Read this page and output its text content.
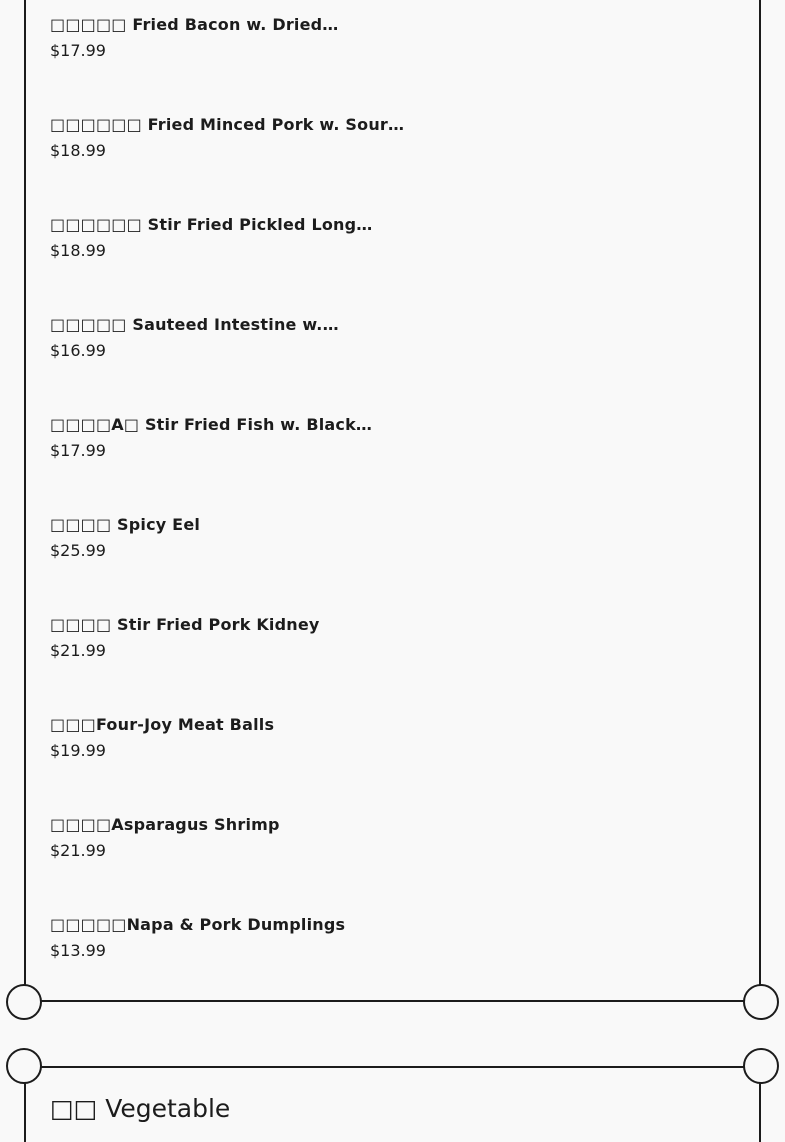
□□□□□ Fried Bacon w. Dried…

$17.99

□□□□□□ Fried Minced Pork w. Sour…

$18.99

□□□□□□ Stir Fried Pickled Long…

$18.99

□□□□□ Sauteed Intestine w.…

$16.99

□□□□A□ Stir Fried Fish w. Black…

$17.99

□□□□ Spicy Eel

$25.99

□□□□ Stir Fried Pork Kidney

$21.99

□□□Four-Joy Meat Balls

$19.99

□□□□Asparagus Shrimp

$21.99

□□□□□Napa & Pork Dumplings

$13.99
□□ Vegetable
